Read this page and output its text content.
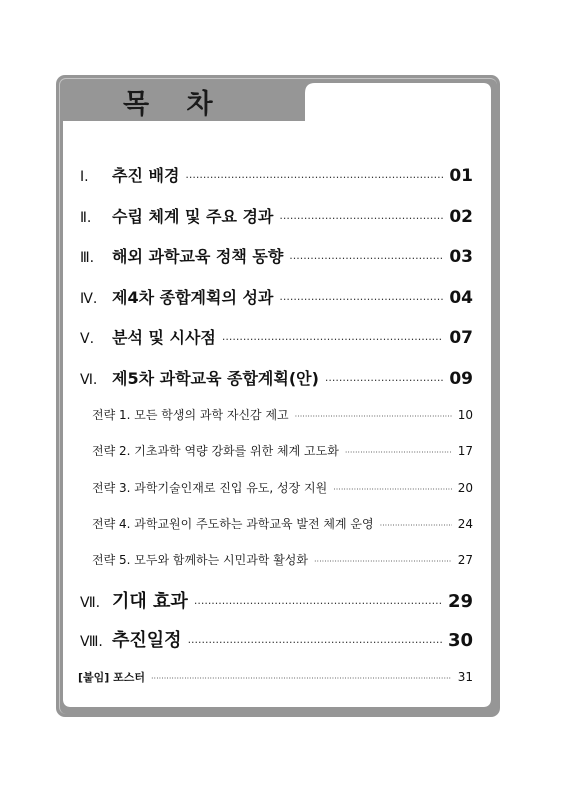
목 차
Ⅰ.	추진 배경 ·····	01
Ⅱ.	수립 체계 및 주요 경과 ·····	02
Ⅲ.	해외 과학교육 정책 동향 ·····	03
Ⅳ. 제4차 종합계획의 성과 ·····	04
Ⅴ.	분석 및 시사점 ·····	07
Ⅵ. 제5차 과학교육 종합계획(안) ·····	09
전략 1. 모든 학생의 과학 자신감 제고 ·····	10
전략 2. 기초과학 역량 강화를 위한 체계 고도화 ·····	17
전략 3. 과학기술인재로 진입 유도, 성장 지원 ·····	20
전략 4. 과학교원이 주도하는 과학교육 발전 체계 운영 ·····	24
전략 5. 모두와 함께하는 시민과학 활성화 ·····	27
Ⅶ. 기대 효과 ·····	29
Ⅷ. 추진일정 ·····	30
[붙임] 포스터 ·····	31
